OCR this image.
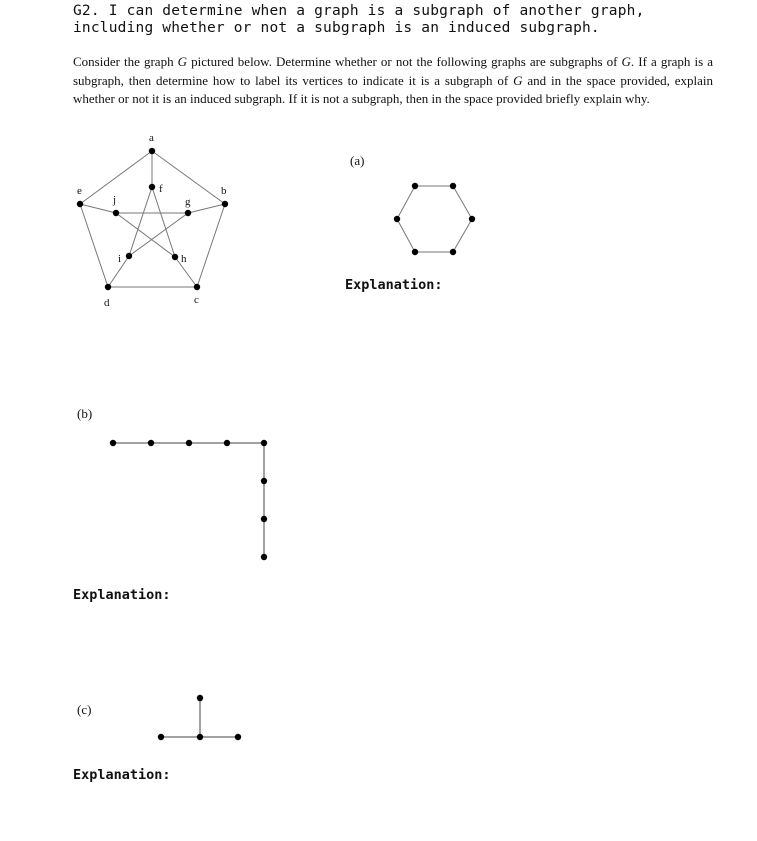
G2. I can determine when a graph is a subgraph of another graph, including whether or not a subgraph is an induced subgraph.

Consider the graph G pictured below. Determine whether or not the following graphs are subgraphs of G. If a graph is a subgraph, then determine how to label its vertices to indicate it is a subgraph of G and in the space provided, explain whether or not it is an induced subgraph. If it is not a subgraph, then in the space provided briefly explain why.

a
b
c
d
e	f
g
h
i
j
(a)
Explanation:
(b)
Explanation:
(c)
Explanation:
